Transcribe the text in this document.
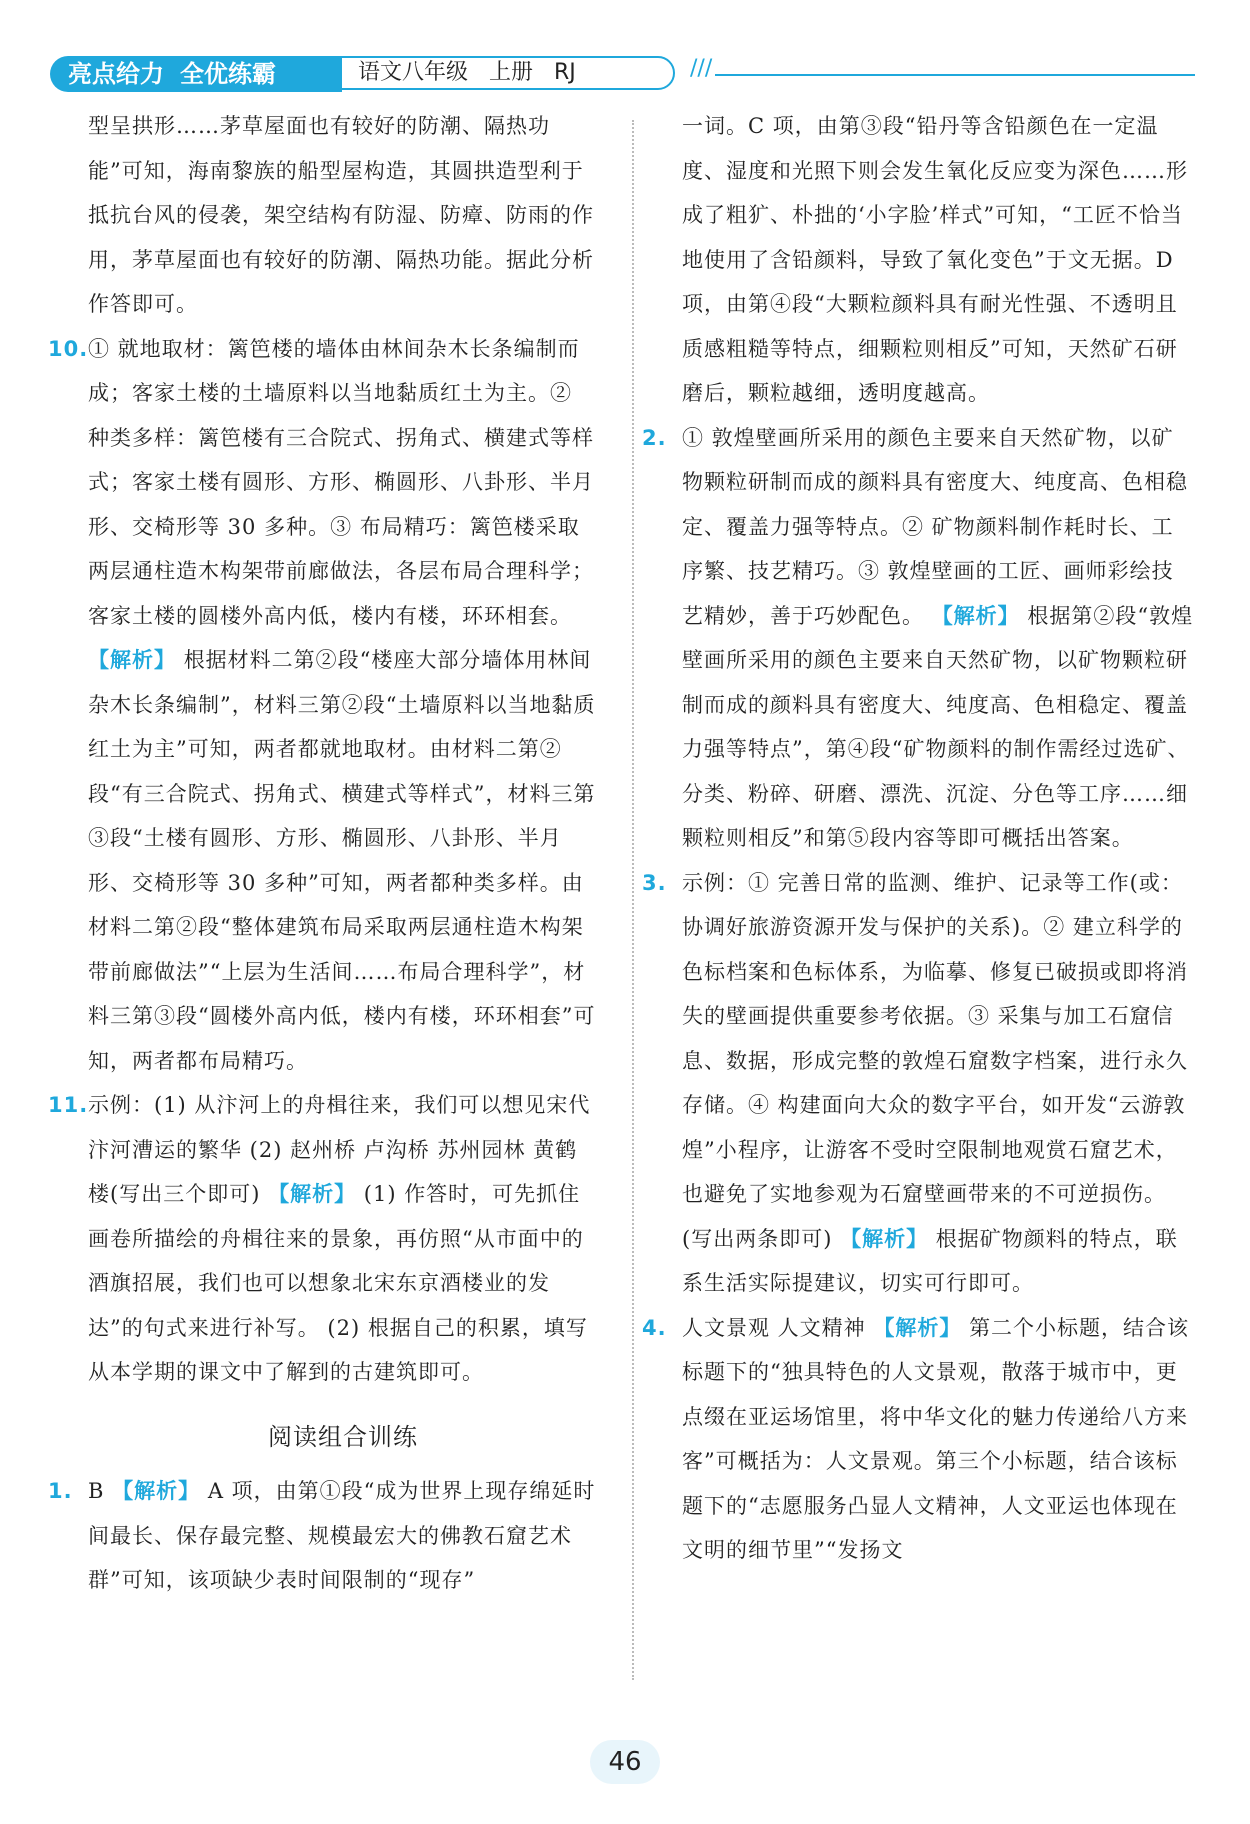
亮点给力 全优练霸	语文八年级   上册   RJ	///
型呈拱形……茅草屋面也有较好的防潮、隔热功能”可知，海南黎族的船型屋构造，其圆拱造型利于抵抗台风的侵袭，架空结构有防湿、防瘴、防雨的作用，茅草屋面也有较好的防潮、隔热功能。据此分析作答即可。
10. ① 就地取材：篱笆楼的墙体由林间杂木长条编制而成；客家土楼的土墙原料以当地黏质红土为主。② 种类多样：篱笆楼有三合院式、拐角式、横建式等样式；客家土楼有圆形、方形、椭圆形、八卦形、半月形、交椅形等 30 多种。③ 布局精巧：篱笆楼采取两层通柱造木构架带前廊做法，各层布局合理科学；客家土楼的圆楼外高内低，楼内有楼，环环相套。 【解析】 根据材料二第②段“楼座大部分墙体用林间杂木长条编制”，材料三第②段“土墙原料以当地黏质红土为主”可知，两者都就地取材。由材料二第②段“有三合院式、拐角式、横建式等样式”，材料三第③段“土楼有圆形、方形、椭圆形、八卦形、半月形、交椅形等 30 多种”可知，两者都种类多样。由材料二第②段“整体建筑布局采取两层通柱造木构架带前廊做法”“上层为生活间……布局合理科学”，材料三第③段“圆楼外高内低，楼内有楼，环环相套”可知，两者都布局精巧。
11. 示例：(1) 从汴河上的舟楫往来，我们可以想见宋代汴河漕运的繁华 (2) 赵州桥 卢沟桥 苏州园林 黄鹤楼(写出三个即可) 【解析】 (1) 作答时，可先抓住画卷所描绘的舟楫往来的景象，再仿照“从市面中的酒旗招展，我们也可以想象北宋东京酒楼业的发达”的句式来进行补写。 (2) 根据自己的积累，填写从本学期的课文中了解到的古建筑即可。
阅读组合训练
1. B 【解析】 A 项，由第①段“成为世界上现存绵延时间最长、保存最完整、规模最宏大的佛教石窟艺术群”可知，该项缺少表时间限制的“现存”
一词。C 项，由第③段“铅丹等含铅颜色在一定温度、湿度和光照下则会发生氧化反应变为深色……形成了粗犷、朴拙的‘小字脸’样式”可知，“工匠不恰当地使用了含铅颜料，导致了氧化变色”于文无据。D 项，由第④段“大颗粒颜料具有耐光性强、不透明且质感粗糙等特点，细颗粒则相反”可知，天然矿石研磨后，颗粒越细，透明度越高。
2. ① 敦煌壁画所采用的颜色主要来自天然矿物，以矿物颗粒研制而成的颜料具有密度大、纯度高、色相稳定、覆盖力强等特点。② 矿物颜料制作耗时长、工序繁、技艺精巧。③ 敦煌壁画的工匠、画师彩绘技艺精妙，善于巧妙配色。 【解析】 根据第②段“敦煌壁画所采用的颜色主要来自天然矿物，以矿物颗粒研制而成的颜料具有密度大、纯度高、色相稳定、覆盖力强等特点”，第④段“矿物颜料的制作需经过选矿、分类、粉碎、研磨、漂洗、沉淀、分色等工序……细颗粒则相反”和第⑤段内容等即可概括出答案。
3. 示例：① 完善日常的监测、维护、记录等工作(或：协调好旅游资源开发与保护的关系)。② 建立科学的色标档案和色标体系，为临摹、修复已破损或即将消失的壁画提供重要参考依据。③ 采集与加工石窟信息、数据，形成完整的敦煌石窟数字档案，进行永久存储。④ 构建面向大众的数字平台，如开发“云游敦煌”小程序，让游客不受时空限制地观赏石窟艺术，也避免了实地参观为石窟壁画带来的不可逆损伤。(写出两条即可) 【解析】 根据矿物颜料的特点，联系生活实际提建议，切实可行即可。
4. 人文景观 人文精神 【解析】 第二个小标题，结合该标题下的“独具特色的人文景观，散落于城市中，更点缀在亚运场馆里，将中华文化的魅力传递给八方来客”可概括为：人文景观。第三个小标题，结合该标题下的“志愿服务凸显人文精神，人文亚运也体现在文明的细节里”“发扬文
46
